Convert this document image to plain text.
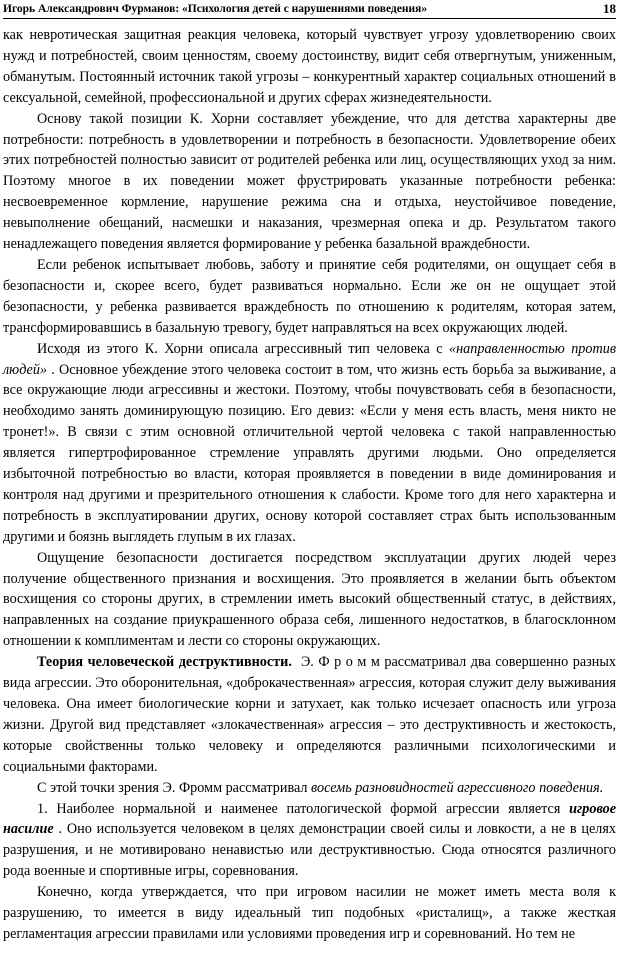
Игорь Александрович Фурманов: «Психология детей с нарушениями поведения»	18

как невротическая защитная реакция человека, который чувствует угрозу удовлетворению своих нужд и потребностей, своим ценностям, своему достоинству, видит себя отвергнутым, униженным, обманутым. Постоянный источник такой угрозы – конкурентный характер социальных отношений в сексуальной, семейной, профессиональной и других сферах жизнедеятельности.

Основу такой позиции К. Хорни составляет убеждение, что для детства характерны две потребности: потребность в удовлетворении и потребность в безопасности. Удовлетворение обеих этих потребностей полностью зависит от родителей ребенка или лиц, осуществляющих уход за ним. Поэтому многое в их поведении может фрустрировать указанные потребности ребенка: несвоевременное кормление, нарушение режима сна и отдыха, неустойчивое поведение, невыполнение обещаний, насмешки и наказания, чрезмерная опека и др. Результатом такого ненадлежащего поведения является формирование у ребенка базальной враждебности.

Если ребенок испытывает любовь, заботу и принятие себя родителями, он ощущает себя в безопасности и, скорее всего, будет развиваться нормально. Если же он не ощущает этой безопасности, у ребенка развивается враждебность по отношению к родителям, которая затем, трансформировавшись в базальную тревогу, будет направляться на всех окружающих людей.

Исходя из этого К. Хорни описала агрессивный тип человека с «направленностью против людей» . Основное убеждение этого человека состоит в том, что жизнь есть борьба за выживание, а все окружающие люди агрессивны и жестоки. Поэтому, чтобы почувствовать себя в безопасности, необходимо занять доминирующую позицию. Его девиз: «Если у меня есть власть, меня никто не тронет!». В связи с этим основной отличительной чертой человека с такой направленностью является гипертрофированное стремление управлять другими людьми. Оно определяется избыточной потребностью во власти, которая проявляется в поведении в виде доминирования и контроля над другими и презрительного отношения к слабости. Кроме того для него характерна и потребность в эксплуатировании других, основу которой составляет страх быть использованным другими и боязнь выглядеть глупым в их глазах.

Ощущение безопасности достигается посредством эксплуатации других людей через получение общественного признания и восхищения. Это проявляется в желании быть объектом восхищения со стороны других, в стремлении иметь высокий общественный статус, в действиях, направленных на создание приукрашенного образа себя, лишенного недостатков, в благосклонном отношении к комплиментам и лести со стороны окружающих.

Теория человеческой деструктивности. Э. Ф р о м м рассматривал два совершенно разных вида агрессии. Это оборонительная, «доброкачественная» агрессия, которая служит делу выживания человека. Она имеет биологические корни и затухает, как только исчезает опасность или угроза жизни. Другой вид представляет «злокачественная» агрессия – это деструктивность и жестокость, которые свойственны только человеку и определяются различными психологическими и социальными факторами.

С этой точки зрения Э. Фромм рассматривал восемь разновидностей агрессивного поведения.

1. Наиболее нормальной и наименее патологической формой агрессии является игровое насилие . Оно используется человеком в целях демонстрации своей силы и ловкости, а не в целях разрушения, и не мотивировано ненавистью или деструктивностью. Сюда относятся различного рода военные и спортивные игры, соревнования.

Конечно, когда утверждается, что при игровом насилии не может иметь места воля к разрушению, то имеется в виду идеальный тип подобных «ристалищ», а также жесткая регламентация агрессии правилами или условиями проведения игр и соревнований. Но тем не
